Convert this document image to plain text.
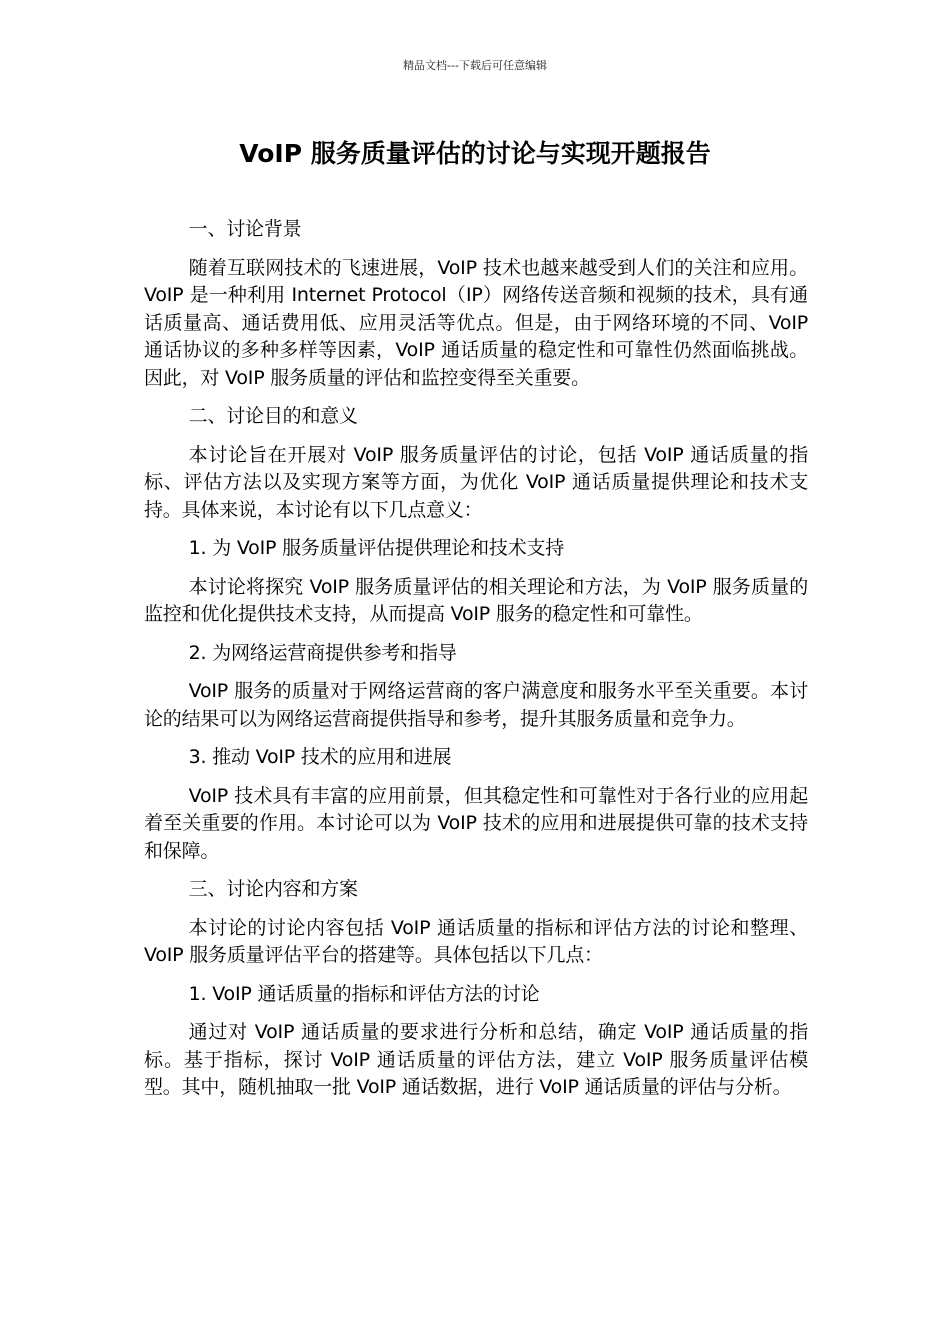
精品文档---下载后可任意编辑
VoIP 服务质量评估的讨论与实现开题报告
一、讨论背景

随着互联网技术的飞速进展，VoIP 技术也越来越受到人们的关注和应用。VoIP 是一种利用 Internet Protocol（IP）网络传送音频和视频的技术，具有通话质量高、通话费用低、应用灵活等优点。但是，由于网络环境的不同、VoIP 通话协议的多种多样等因素，VoIP 通话质量的稳定性和可靠性仍然面临挑战。因此，对 VoIP 服务质量的评估和监控变得至关重要。

二、讨论目的和意义

本讨论旨在开展对 VoIP 服务质量评估的讨论，包括 VoIP 通话质量的指标、评估方法以及实现方案等方面，为优化 VoIP 通话质量提供理论和技术支持。具体来说，本讨论有以下几点意义：

1. 为 VoIP 服务质量评估提供理论和技术支持

本讨论将探究 VoIP 服务质量评估的相关理论和方法，为 VoIP 服务质量的监控和优化提供技术支持，从而提高 VoIP 服务的稳定性和可靠性。

2. 为网络运营商提供参考和指导

VoIP 服务的质量对于网络运营商的客户满意度和服务水平至关重要。本讨论的结果可以为网络运营商提供指导和参考，提升其服务质量和竞争力。

3. 推动 VoIP 技术的应用和进展

VoIP 技术具有丰富的应用前景，但其稳定性和可靠性对于各行业的应用起着至关重要的作用。本讨论可以为 VoIP 技术的应用和进展提供可靠的技术支持和保障。

三、讨论内容和方案

本讨论的讨论内容包括 VoIP 通话质量的指标和评估方法的讨论和整理、VoIP 服务质量评估平台的搭建等。具体包括以下几点：

1. VoIP 通话质量的指标和评估方法的讨论

通过对 VoIP 通话质量的要求进行分析和总结，确定 VoIP 通话质量的指标。基于指标，探讨 VoIP 通话质量的评估方法，建立 VoIP 服务质量评估模型。其中，随机抽取一批 VoIP 通话数据，进行 VoIP 通话质量的评估与分析。
